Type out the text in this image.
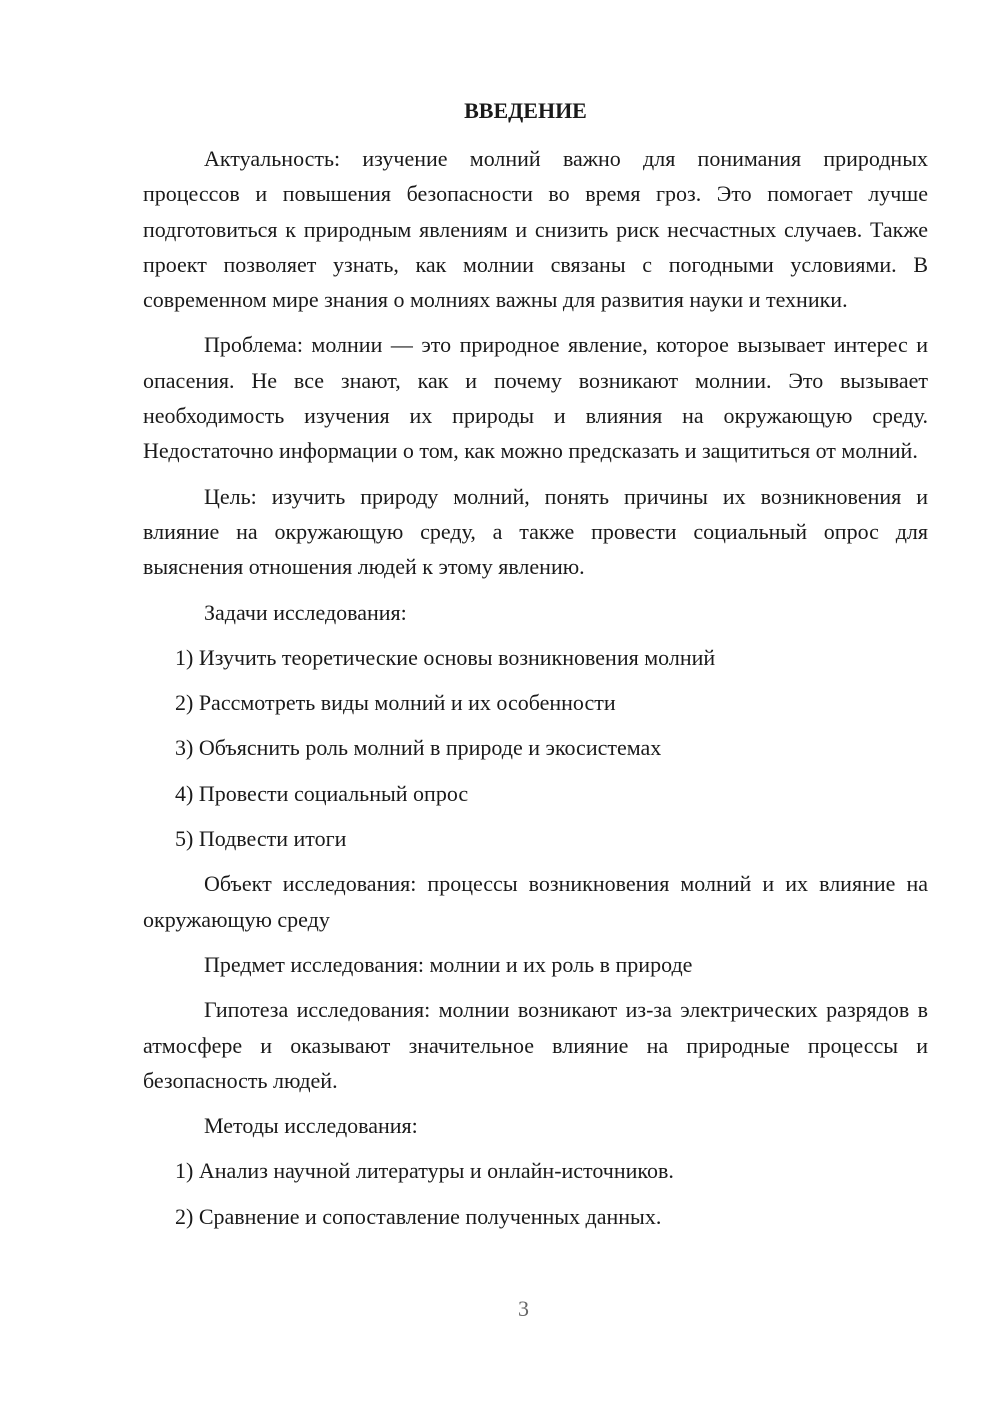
ВВЕДЕНИЕ

Актуальность: изучение молний важно для понимания природных процессов и повышения безопасности во время гроз. Это помогает лучше подготовиться к природным явлениям и снизить риск несчастных случаев. Также проект позволяет узнать, как молнии связаны с погодными условиями. В современном мире знания о молниях важны для развития науки и техники.

Проблема: молнии — это природное явление, которое вызывает интерес и опасения. Не все знают, как и почему возникают молнии. Это вызывает необходимость изучения их природы и влияния на окружающую среду. Недостаточно информации о том, как можно предсказать и защититься от молний.

Цель: изучить природу молний, понять причины их возникновения и влияние на окружающую среду, а также провести социальный опрос для выяснения отношения людей к этому явлению.

Задачи исследования:

1) Изучить теоретические основы возникновения молний

2) Рассмотреть виды молний и их особенности

3) Объяснить роль молний в природе и экосистемах

4) Провести социальный опрос

5) Подвести итоги

Объект исследования: процессы возникновения молний и их влияние на окружающую среду

Предмет исследования: молнии и их роль в природе

Гипотеза исследования: молнии возникают из-за электрических разрядов в атмосфере и оказывают значительное влияние на природные процессы и безопасность людей.

Методы исследования:

1) Анализ научной литературы и онлайн-источников.

2) Сравнение и сопоставление полученных данных.

3
